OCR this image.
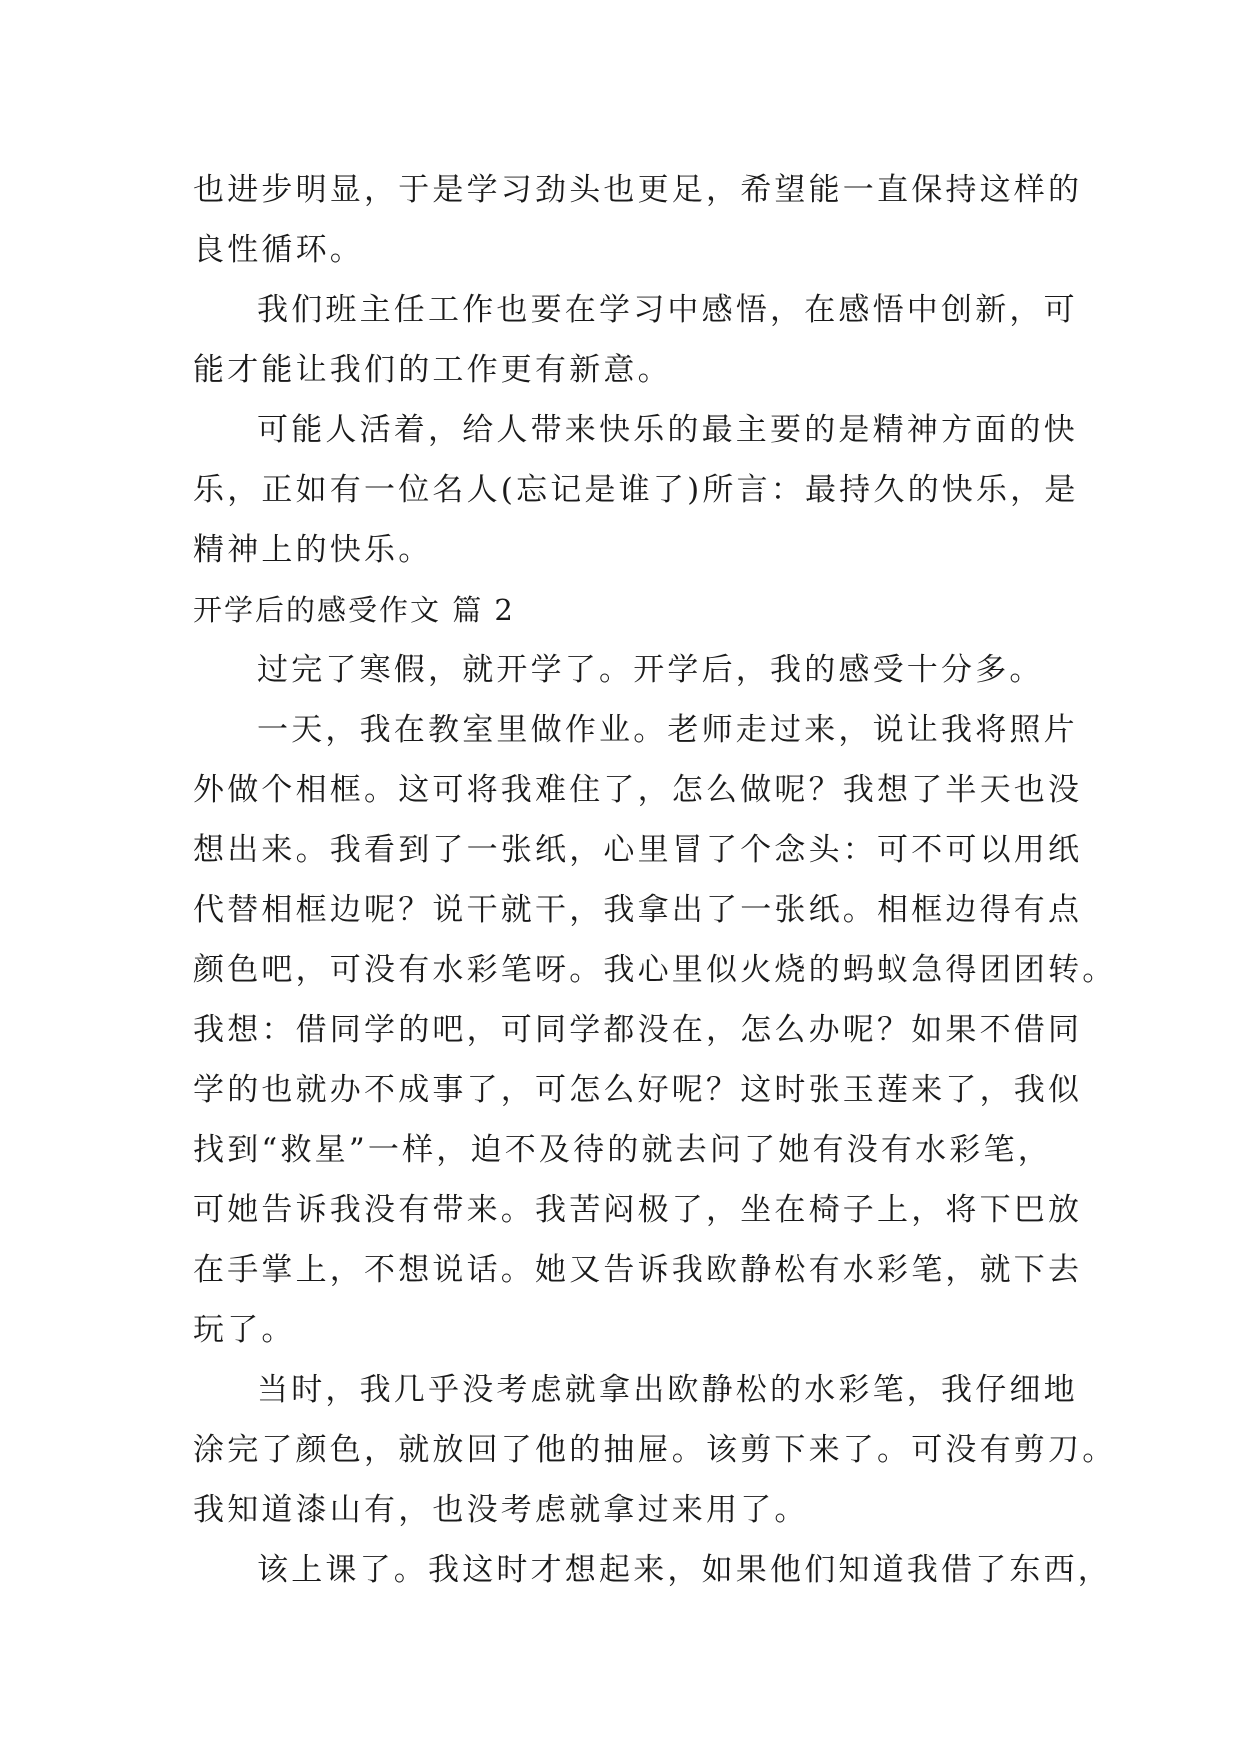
也进步明显，于是学习劲头也更足，希望能一直保持这样的
良性循环。
我们班主任工作也要在学习中感悟，在感悟中创新，可
能才能让我们的工作更有新意。
可能人活着，给人带来快乐的最主要的是精神方面的快
乐，正如有一位名人(忘记是谁了)所言：最持久的快乐，是
精神上的快乐。
开学后的感受作文 篇 2
过完了寒假，就开学了。开学后，我的感受十分多。
一天，我在教室里做作业。老师走过来，说让我将照片
外做个相框。这可将我难住了，怎么做呢？我想了半天也没
想出来。我看到了一张纸，心里冒了个念头：可不可以用纸
代替相框边呢？说干就干，我拿出了一张纸。相框边得有点
颜色吧，可没有水彩笔呀。我心里似火烧的蚂蚁急得团团转。
我想：借同学的吧，可同学都没在，怎么办呢？如果不借同
学的也就办不成事了，可怎么好呢？这时张玉莲来了，我似
找到“救星”一样，迫不及待的就去问了她有没有水彩笔，
可她告诉我没有带来。我苦闷极了，坐在椅子上，将下巴放
在手掌上，不想说话。她又告诉我欧静松有水彩笔，就下去
玩了。
当时，我几乎没考虑就拿出欧静松的水彩笔，我仔细地
涂完了颜色，就放回了他的抽屉。该剪下来了。可没有剪刀。
我知道漆山有，也没考虑就拿过来用了。
该上课了。我这时才想起来，如果他们知道我借了东西，
